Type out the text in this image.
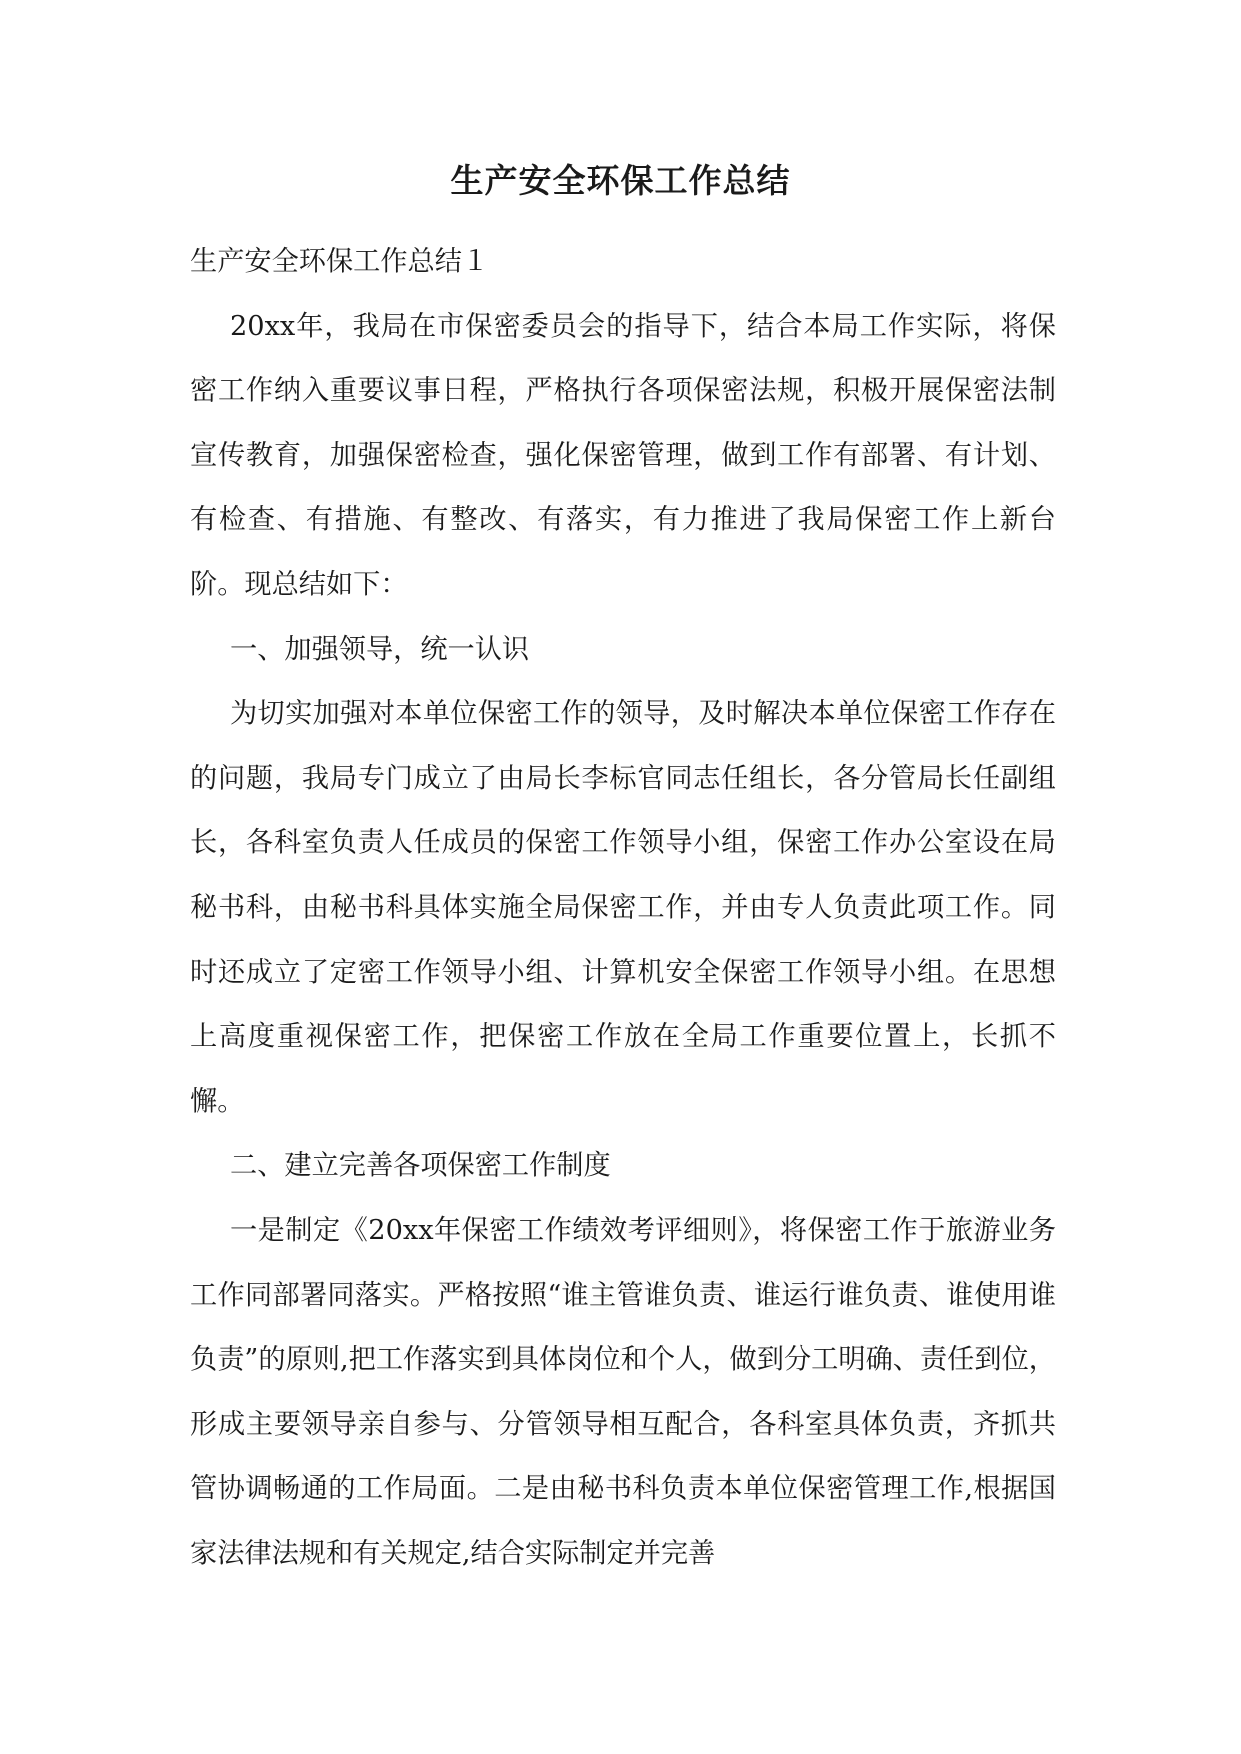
生产安全环保工作总结

生产安全环保工作总结１

20xx年，我局在市保密委员会的指导下，结合本局工作实际，将保密工作纳入重要议事日程，严格执行各项保密法规，积极开展保密法制宣传教育，加强保密检查，强化保密管理，做到工作有部署、有计划、有检查、有措施、有整改、有落实，有力推进了我局保密工作上新台阶。现总结如下：

一、加强领导，统一认识

为切实加强对本单位保密工作的领导，及时解决本单位保密工作存在的问题，我局专门成立了由局长李标官同志任组长，各分管局长任副组长，各科室负责人任成员的保密工作领导小组，保密工作办公室设在局秘书科，由秘书科具体实施全局保密工作，并由专人负责此项工作。同时还成立了定密工作领导小组、计算机安全保密工作领导小组。在思想上高度重视保密工作，把保密工作放在全局工作重要位置上，长抓不懈。

二、建立完善各项保密工作制度

一是制定《20xx年保密工作绩效考评细则》，将保密工作于旅游业务工作同部署同落实。严格按照“谁主管谁负责、谁运行谁负责、谁使用谁负责”的原则,把工作落实到具体岗位和个人，做到分工明确、责任到位，形成主要领导亲自参与、分管领导相互配合，各科室具体负责，齐抓共管协调畅通的工作局面。二是由秘书科负责本单位保密管理工作,根据国家法律法规和有关规定,结合实际制定并完善
